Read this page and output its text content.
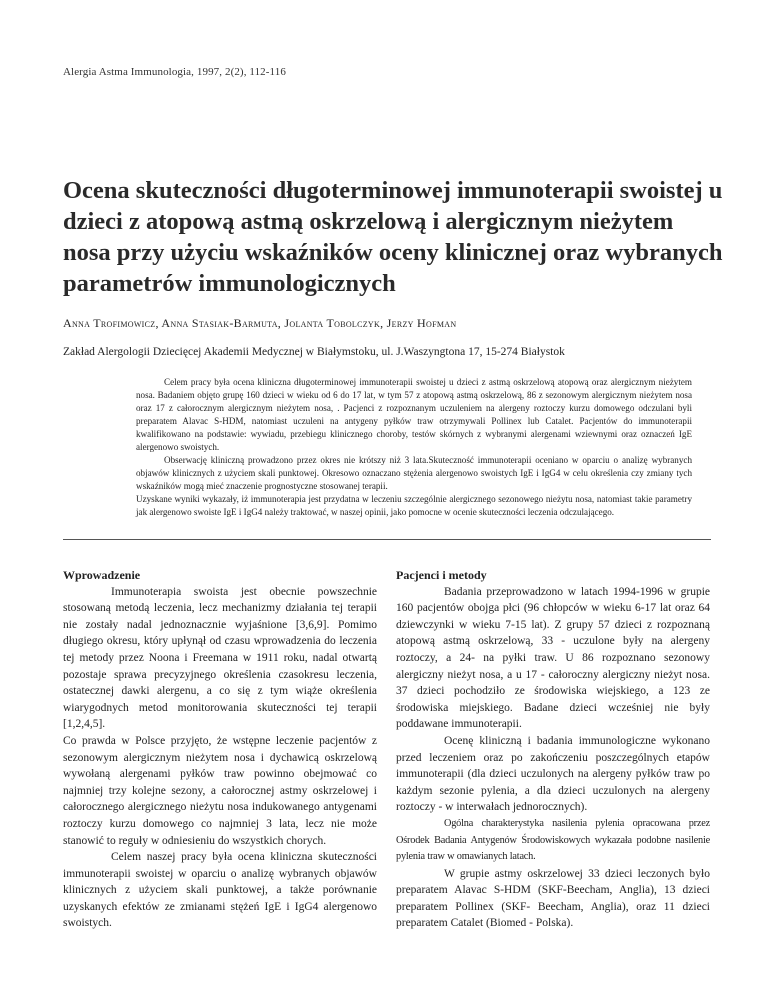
Alergia Astma Immunologia, 1997, 2(2), 112-116
Ocena skuteczności długoterminowej immunoterapii swoistej u dzieci z atopową astmą oskrzelową i alergicznym nieżytem nosa przy użyciu wskaźników oceny klinicznej oraz wybranych parametrów immunologicznych
Anna Trofimowicz, Anna Stasiak-Barmuta, Jolanta Tobolczyk, Jerzy Hofman
Zakład Alergologii Dziecięcej Akademii Medycznej w Białymstoku, ul. J.Waszyngtona 17, 15-274 Białystok

Celem pracy była ocena kliniczna długoterminowej immunoterapii swoistej u dzieci z astmą oskrzelową atopową oraz alergicznym nieżytem nosa. Badaniem objęto grupę 160 dzieci w wieku od 6 do 17 lat, w tym 57 z atopową astmą oskrzelową, 86 z sezonowym alergicznym nieżytem nosa oraz 17 z całorocznym alergicznym nieżytem nosa, . Pacjenci z rozpoznanym uczuleniem na alergeny roztoczy kurzu domowego odczulani byli preparatem Alavac S-HDM, natomiast uczuleni na antygeny pyłków traw otrzymywali Pollinex lub Catalet. Pacjentów do immunoterapii kwalifikowano na podstawie: wywiadu, przebiegu klinicznego choroby, testów skórnych z wybranymi alergenami wziewnymi oraz oznaczeń IgE alergenowo swoistych.

Obserwację kliniczną prowadzono przez okres nie krótszy niż 3 lata.Skuteczność immunoterapii oceniano w oparciu o analizę wybranych objawów klinicznych z użyciem skali punktowej. Okresowo oznaczano stężenia alergenowo swoistych IgE i IgG4 w celu określenia czy zmiany tych wskaźników mogą mieć znaczenie prognostyczne stosowanej terapii.

Uzyskane wyniki wykazały, iż immunoterapia jest przydatna w leczeniu szczególnie alergicznego sezonowego nieżytu nosa, natomiast takie parametry jak alergenowo swoiste IgE i IgG4 należy traktować, w naszej opinii, jako pomocne w ocenie skuteczności leczenia odczulającego.

Wprowadzenie

Immunoterapia swoista jest obecnie powszechnie stosowaną metodą leczenia, lecz mechanizmy działania tej terapii nie zostały nadal jednoznacznie wyjaśnione [3,6,9]. Pomimo długiego okresu, który upłynął od czasu wprowadzenia do leczenia tej metody przez Noona i Freemana w 1911 roku, nadal otwartą pozostaje sprawa precyzyjnego określenia czasokresu leczenia, ostatecznej dawki alergenu, a co się z tym wiąże określenia wiarygodnych metod monitorowania skuteczności tej terapii [1,2,4,5].

Co prawda w Polsce przyjęto, że wstępne leczenie pacjentów z sezonowym alergicznym nieżytem nosa i dychawicą oskrzelową wywołaną alergenami pyłków traw powinno obejmować co najmniej trzy kolejne sezony, a całorocznej astmy oskrzelowej i całorocznego alergicznego nieżytu nosa indukowanego antygenami roztoczy kurzu domowego co najmniej 3 lata, lecz nie może stanowić to reguły w odniesieniu do wszystkich chorych.

Celem naszej pracy była ocena kliniczna skuteczności immunoterapii swoistej w oparciu o analizę wybranych objawów klinicznych z użyciem skali punktowej, a także porównanie uzyskanych efektów ze zmianami stężeń IgE i IgG4 alergenowo swoistych.

Pacjenci i metody

Badania przeprowadzono w latach 1994-1996 w grupie 160 pacjentów obojga płci (96 chłopców w wieku 6-17 lat oraz 64 dziewczynki w wieku 7-15 lat). Z grupy 57 dzieci z rozpoznaną atopową astmą oskrzelową, 33 - uczulone były na alergeny roztoczy, a 24- na pyłki traw. U 86 rozpoznano sezonowy alergiczny nieżyt nosa, a u 17 - całoroczny alergiczny nieżyt nosa. 37 dzieci pochodziło ze środowiska wiejskiego, a 123 ze środowiska miejskiego. Badane dzieci wcześniej nie były poddawane immunoterapii.

Ocenę kliniczną i badania immunologiczne wykonano przed leczeniem oraz po zakończeniu poszczególnych etapów immunoterapii (dla dzieci uczulonych na alergeny pyłków traw po każdym sezonie pylenia, a dla dzieci uczulonych na alergeny roztoczy - w interwałach jednorocznych).

Ogólna charakterystyka nasilenia pylenia opracowana przez Ośrodek Badania Antygenów Środowiskowych wykazała podobne nasilenie pylenia traw w omawianych latach.

W grupie astmy oskrzelowej 33 dzieci leczonych było preparatem Alavac S-HDM (SKF-Beecham, Anglia), 13 dzieci preparatem Pollinex (SKF- Beecham, Anglia), oraz 11 dzieci preparatem Catalet (Biomed - Polska).
